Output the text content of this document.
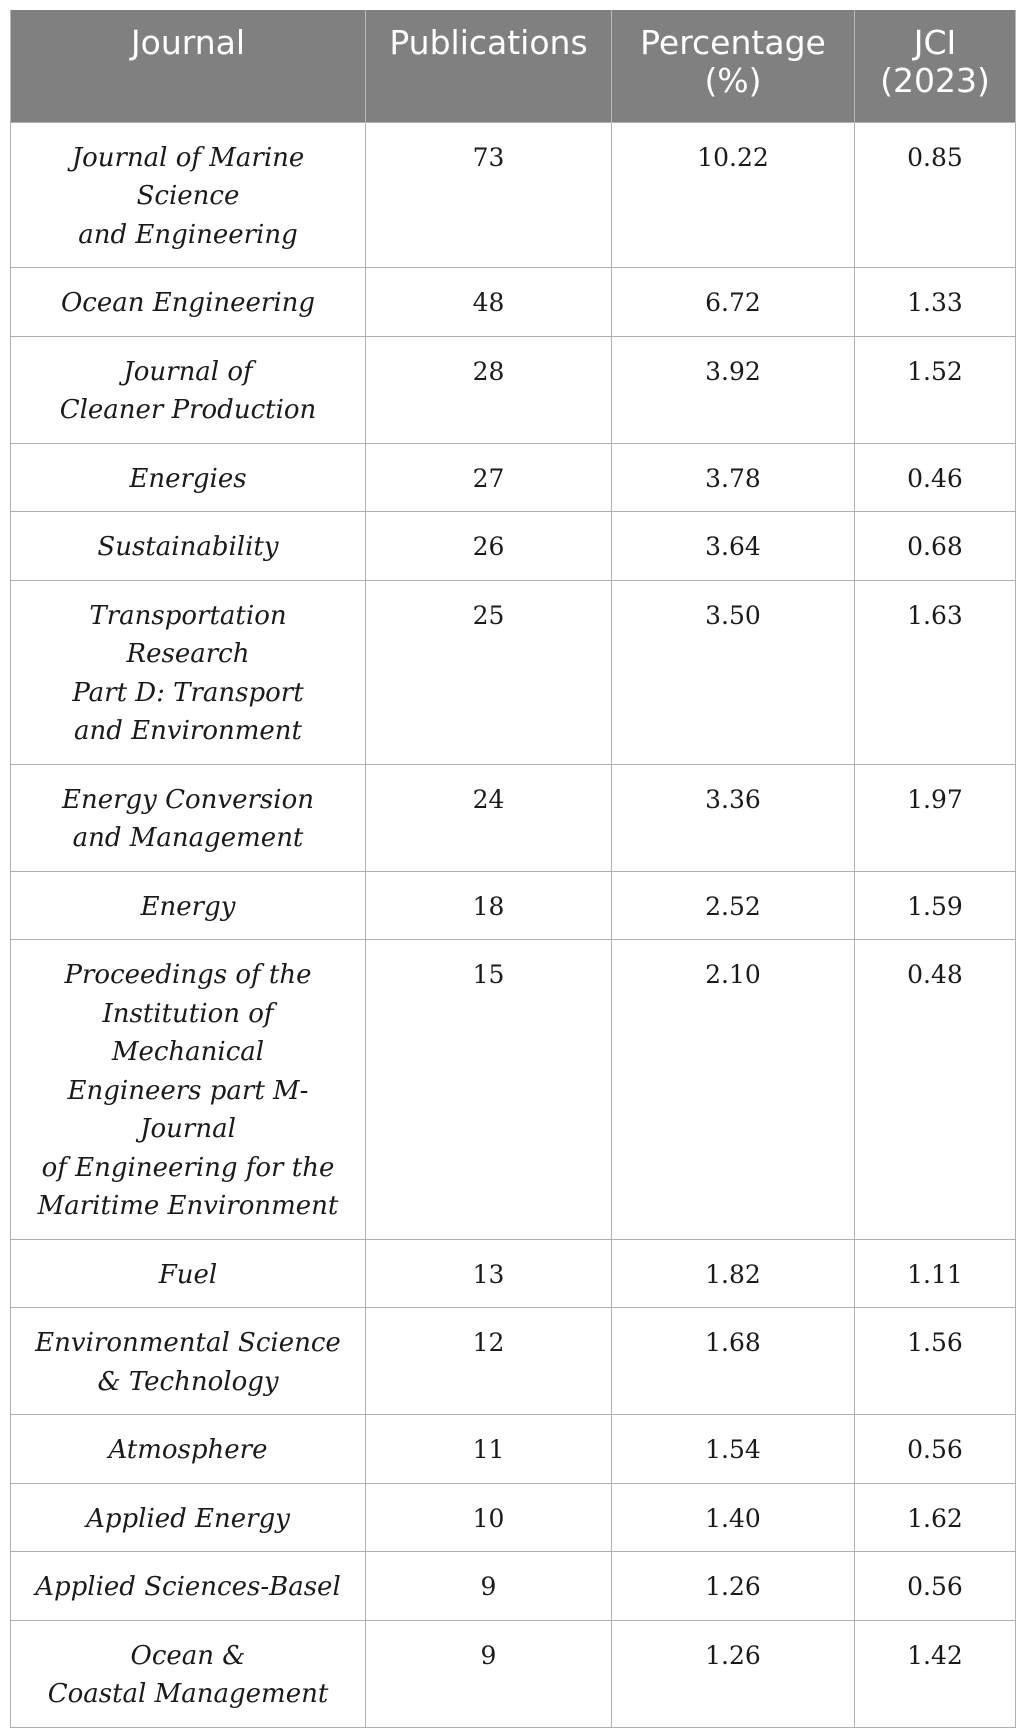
Journal	Publications	Percentage (%)	JCI (2023)

Journal of Marine Science
and Engineering	73	10.22	0.85

Ocean Engineering	48	6.72	1.33

Journal of
Cleaner Production	28	3.92	1.52

Energies	27	3.78	0.46

Sustainability	26	3.64	0.68

Transportation Research
Part D: Transport
and Environment	25	3.50	1.63

Energy Conversion
and Management	24	3.36	1.97

Energy	18	2.52	1.59

Proceedings of the
Institution of Mechanical
Engineers part M-Journal
of Engineering for the
Maritime Environment	15	2.10	0.48

Fuel	13	1.82	1.11

Environmental Science
& Technology	12	1.68	1.56

Atmosphere	11	1.54	0.56

Applied Energy	10	1.40	1.62

Applied Sciences-Basel	9	1.26	0.56

Ocean &
Coastal Management	9	1.26	1.42
